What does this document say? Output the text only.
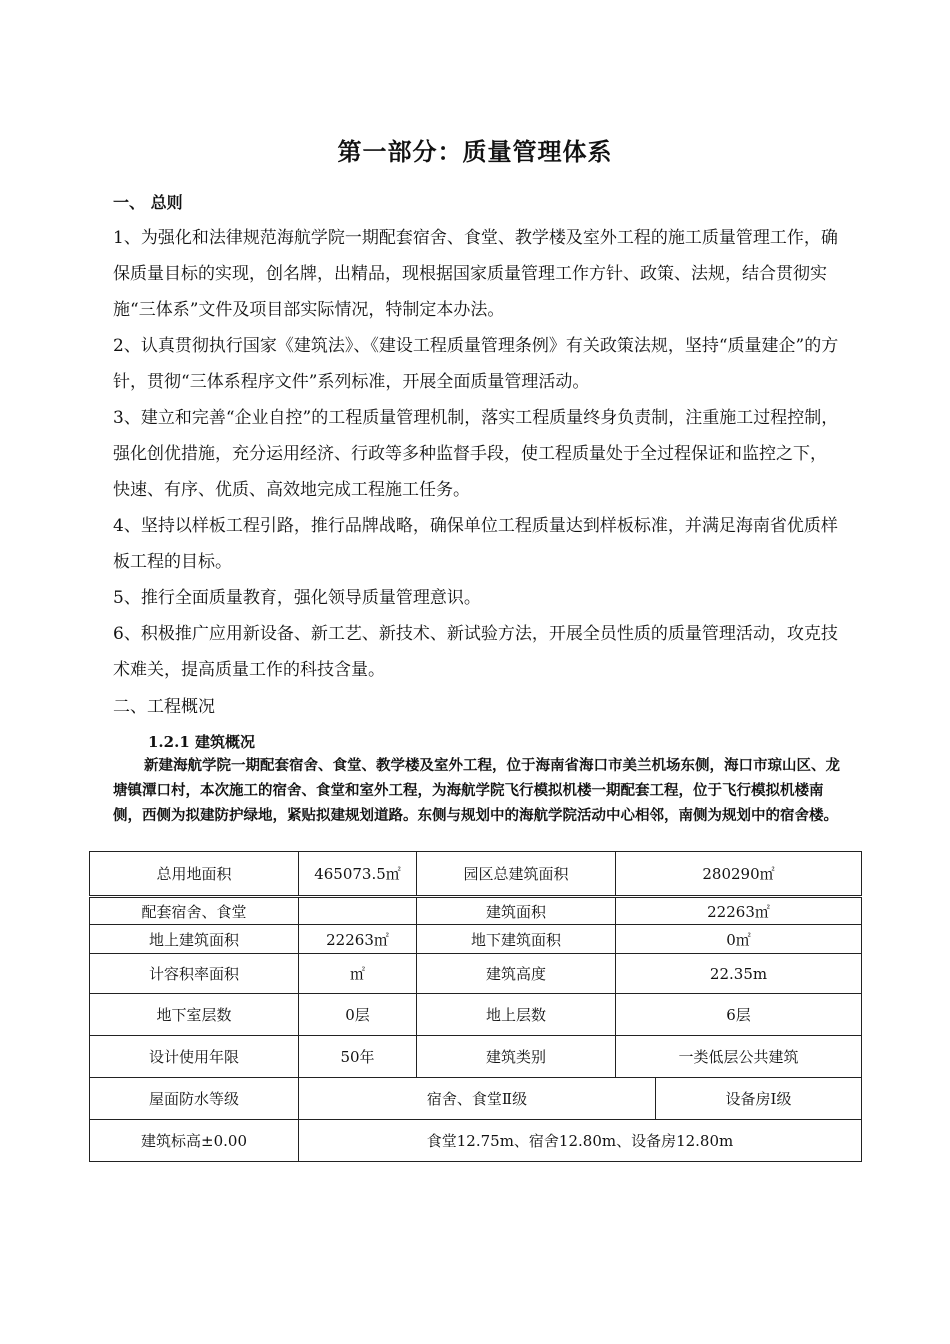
第一部分：质量管理体系
一、 总则
1、为强化和法律规范海航学院一期配套宿舍、食堂、教学楼及室外工程的施工质量管理工作，确保质量目标的实现，创名牌，出精品，现根据国家质量管理工作方针、政策、法规，结合贯彻实施“三体系”文件及项目部实际情况，特制定本办法。
2、认真贯彻执行国家《建筑法》、《建设工程质量管理条例》有关政策法规，坚持“质量建企”的方针，贯彻“三体系程序文件”系列标准，开展全面质量管理活动。
3、建立和完善“企业自控”的工程质量管理机制，落实工程质量终身负责制，注重施工过程控制，强化创优措施，充分运用经济、行政等多种监督手段，使工程质量处于全过程保证和监控之下，快速、有序、优质、高效地完成工程施工任务。
4、坚持以样板工程引路，推行品牌战略，确保单位工程质量达到样板标准，并满足海南省优质样板工程的目标。
5、推行全面质量教育，强化领导质量管理意识。
6、积极推广应用新设备、新工艺、新技术、新试验方法，开展全员性质的质量管理活动，攻克技术难关，提高质量工作的科技含量。
二、工程概况
1.2.1 建筑概况
新建海航学院一期配套宿舍、食堂、教学楼及室外工程，位于海南省海口市美兰机场东侧，海口市琼山区、龙塘镇潭口村，本次施工的宿舍、食堂和室外工程，为海航学院飞行模拟机楼一期配套工程，位于飞行模拟机楼南侧，西侧为拟建防护绿地，紧贴拟建规划道路。东侧与规划中的海航学院活动中心相邻，南侧为规划中的宿舍楼。
总用地面积	465073.5㎡	园区总建筑面积	280290㎡	
配套宿舍、食堂		建筑面积	22263㎡	
地上建筑面积	22263㎡	地下建筑面积	0㎡	
计容积率面积	㎡	建筑高度	22.35m	
地下室层数	0层	地上层数	6层	
设计使用年限	50年	建筑类别	一类低层公共建筑	
屋面防水等级	宿舍、食堂Ⅱ级			设备房Ⅰ级
建筑标高±0.00	食堂12.75m、宿舍12.80m、设备房12.80m			
